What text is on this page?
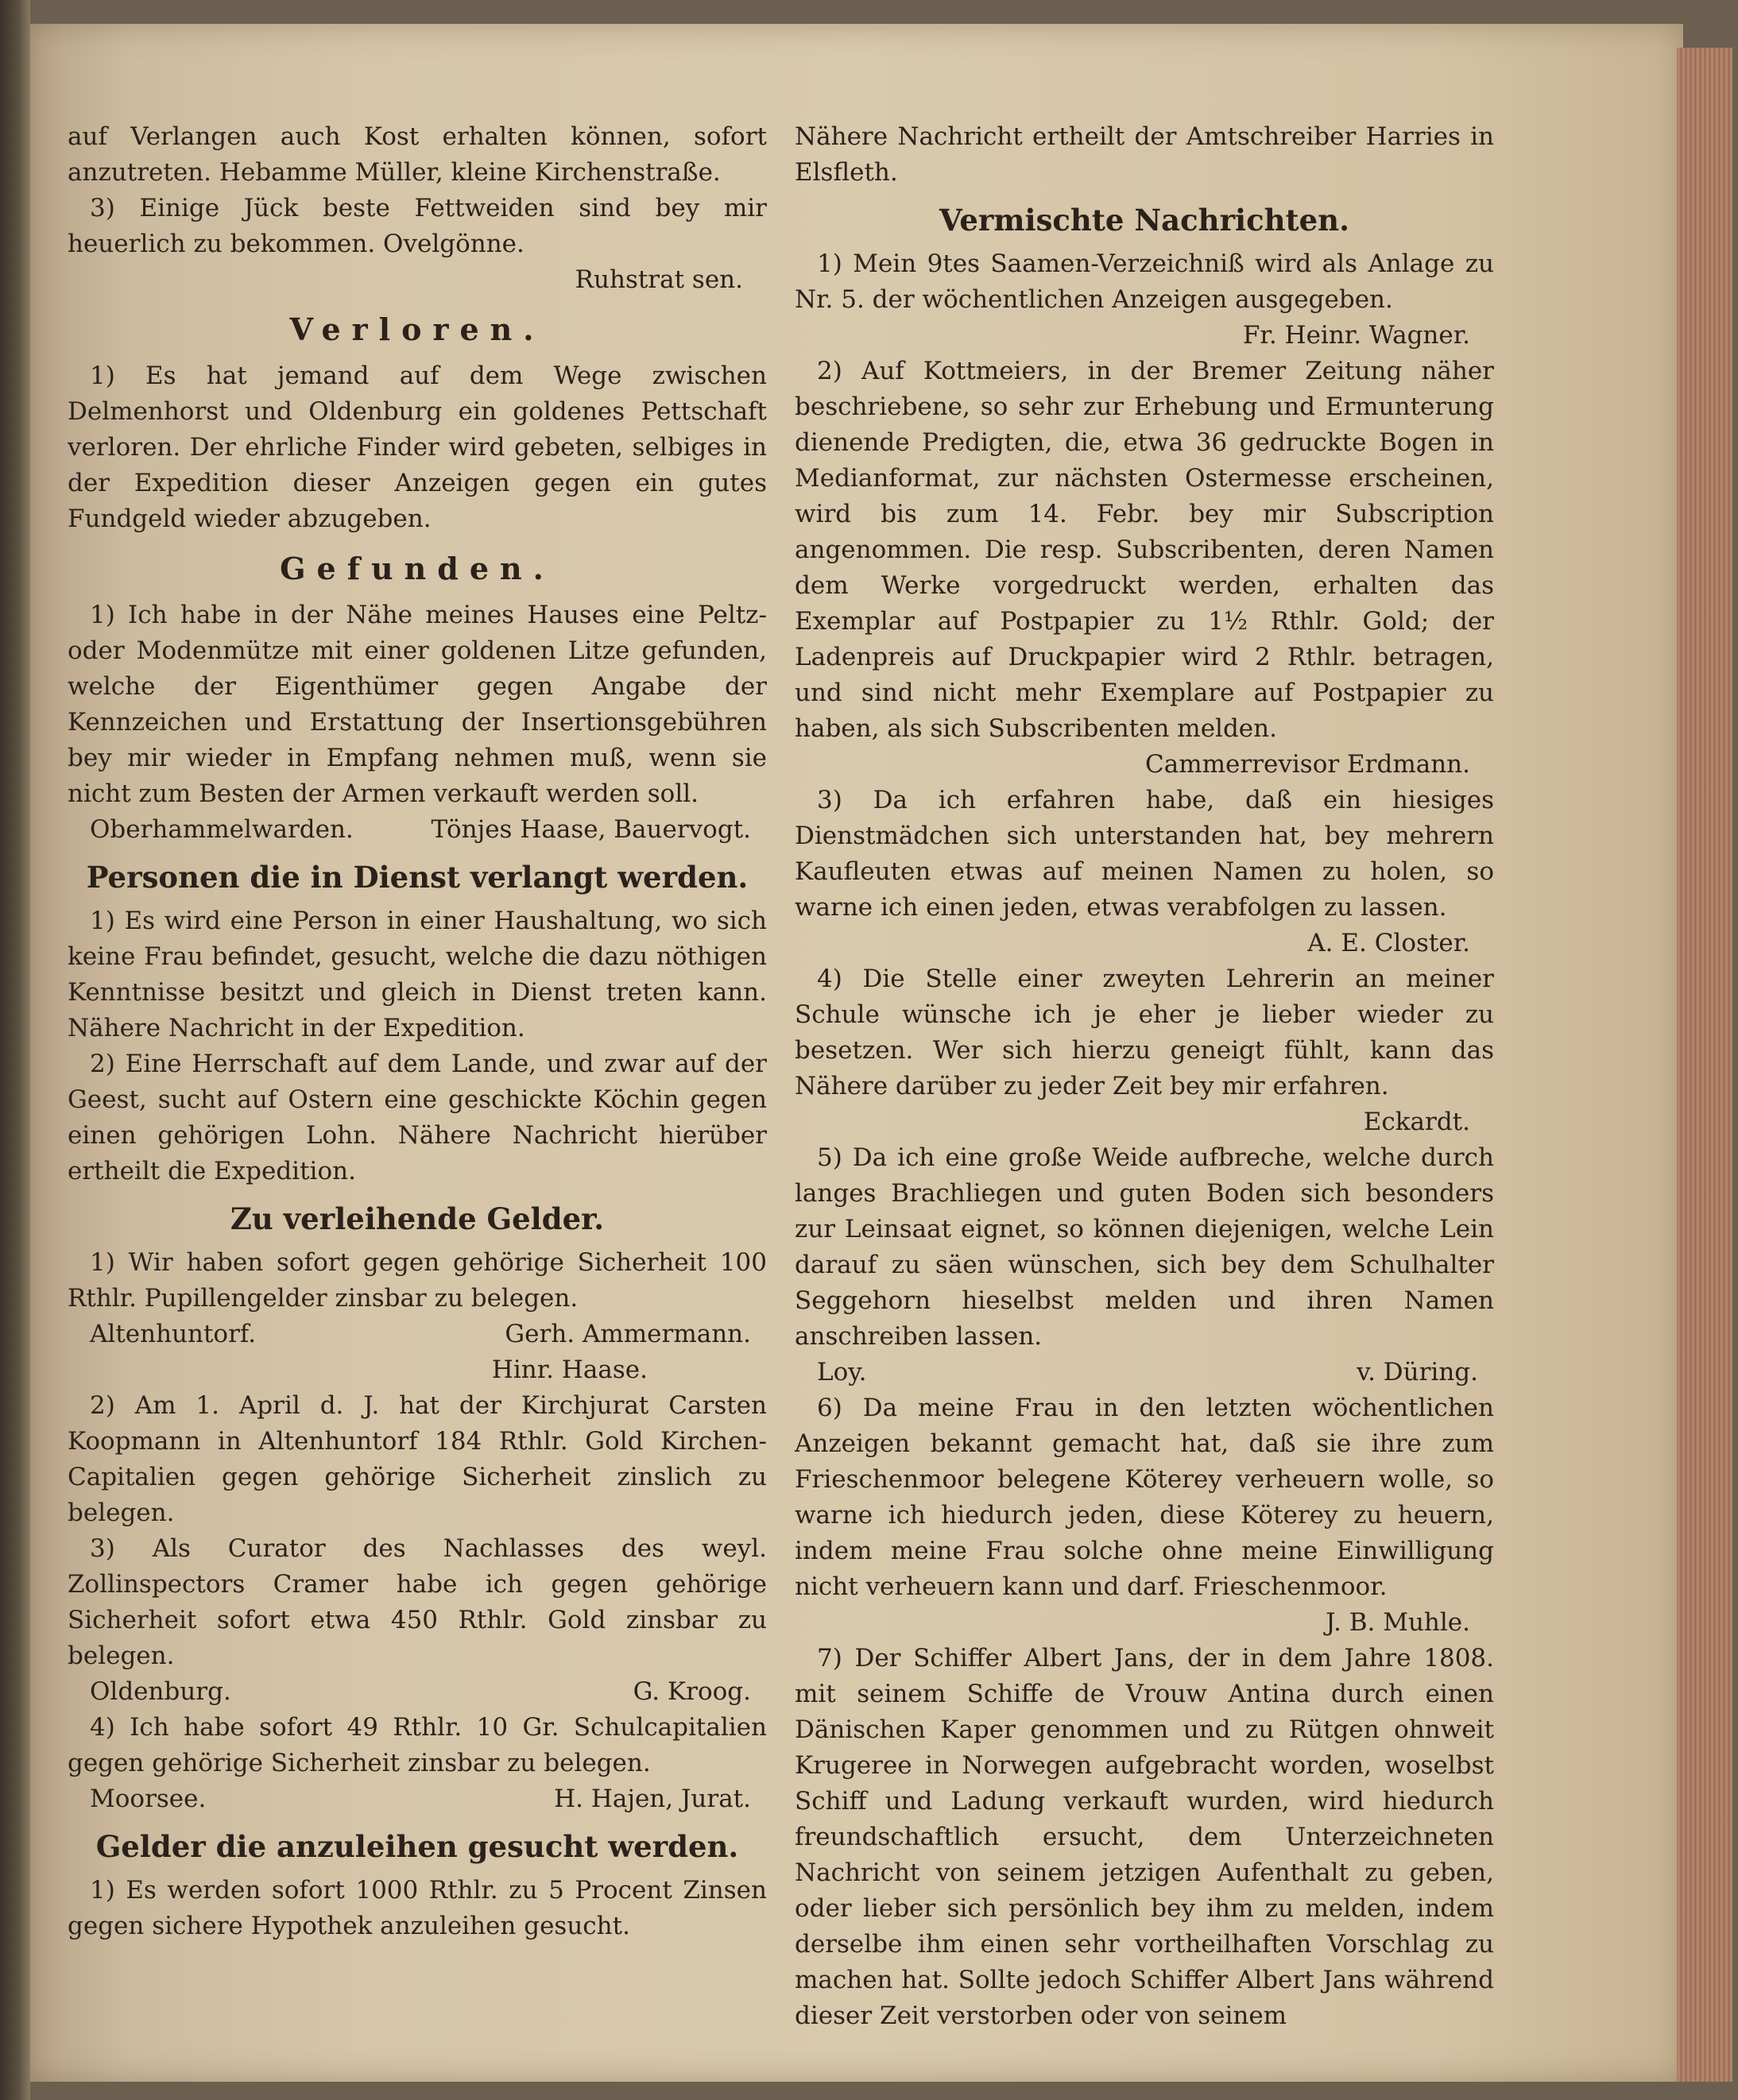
auf Verlangen auch Kost erhalten können, sofort anzutreten. Hebamme Müller, kleine Kirchenstraße.

3) Einige Jück beste Fettweiden sind bey mir heuerlich zu bekommen. Ovelgönne.

Ruhstrat sen.

Verloren.

1) Es hat jemand auf dem Wege zwischen Delmenhorst und Oldenburg ein goldenes Pettschaft verloren. Der ehrliche Finder wird gebeten, selbiges in der Expedition dieser Anzeigen gegen ein gutes Fundgeld wieder abzugeben.

Gefunden.

1) Ich habe in der Nähe meines Hauses eine Peltz- oder Modenmütze mit einer goldenen Litze gefunden, welche der Eigenthümer gegen Angabe der Kennzeichen und Erstattung der Insertionsgebühren bey mir wieder in Empfang nehmen muß, wenn sie nicht zum Besten der Armen verkauft werden soll.

Oberhammelwarden.	Tönjes Haase, Bauervogt.
Personen die in Dienst verlangt werden.

1) Es wird eine Person in einer Haushaltung, wo sich keine Frau befindet, gesucht, welche die dazu nöthigen Kenntnisse besitzt und gleich in Dienst treten kann. Nähere Nachricht in der Expedition.

2) Eine Herrschaft auf dem Lande, und zwar auf der Geest, sucht auf Ostern eine geschickte Köchin gegen einen gehörigen Lohn. Nähere Nachricht hierüber ertheilt die Expedition.

Zu verleihende Gelder.

1) Wir haben sofort gegen gehörige Sicherheit 100 Rthlr. Pupillengelder zinsbar zu belegen.

Altenhuntorf.	Gerh. Ammermann.

Hinr. Haase.

2) Am 1. April d. J. hat der Kirchjurat Carsten Koopmann in Altenhuntorf 184 Rthlr. Gold Kirchen-Capitalien gegen gehörige Sicherheit zinslich zu belegen.

3) Als Curator des Nachlasses des weyl. Zollinspectors Cramer habe ich gegen gehörige Sicherheit sofort etwa 450 Rthlr. Gold zinsbar zu belegen.

Oldenburg.	G. Kroog.

4) Ich habe sofort 49 Rthlr. 10 Gr. Schulcapitalien gegen gehörige Sicherheit zinsbar zu belegen.

Moorsee.	H. Hajen, Jurat.
Gelder die anzuleihen gesucht werden.

1) Es werden sofort 1000 Rthlr. zu 5 Procent Zinsen gegen sichere Hypothek anzuleihen gesucht.

Nähere Nachricht ertheilt der Amtschreiber Harries in Elsfleth.

Vermischte Nachrichten.

1) Mein 9tes Saamen-Verzeichniß wird als Anlage zu Nr. 5. der wöchentlichen Anzeigen ausgegeben.

Fr. Heinr. Wagner.

2) Auf Kottmeiers, in der Bremer Zeitung näher beschriebene, so sehr zur Erhebung und Ermunterung dienende Predigten, die, etwa 36 gedruckte Bogen in Medianformat, zur nächsten Ostermesse erscheinen, wird bis zum 14. Febr. bey mir Subscription angenommen. Die resp. Subscribenten, deren Namen dem Werke vorgedruckt werden, erhalten das Exemplar auf Postpapier zu 1½ Rthlr. Gold; der Ladenpreis auf Druckpapier wird 2 Rthlr. betragen, und sind nicht mehr Exemplare auf Postpapier zu haben, als sich Subscribenten melden.

Cammerrevisor Erdmann.

3) Da ich erfahren habe, daß ein hiesiges Dienstmädchen sich unterstanden hat, bey mehrern Kaufleuten etwas auf meinen Namen zu holen, so warne ich einen jeden, etwas verabfolgen zu lassen.

A. E. Closter.

4) Die Stelle einer zweyten Lehrerin an meiner Schule wünsche ich je eher je lieber wieder zu besetzen. Wer sich hierzu geneigt fühlt, kann das Nähere darüber zu jeder Zeit bey mir erfahren.

Eckardt.

5) Da ich eine große Weide aufbreche, welche durch langes Brachliegen und guten Boden sich besonders zur Leinsaat eignet, so können diejenigen, welche Lein darauf zu säen wünschen, sich bey dem Schulhalter Seggehorn hieselbst melden und ihren Namen anschreiben lassen.

Loy.	v. Düring.

6) Da meine Frau in den letzten wöchentlichen Anzeigen bekannt gemacht hat, daß sie ihre zum Frieschenmoor belegene Köterey verheuern wolle, so warne ich hiedurch jeden, diese Köterey zu heuern, indem meine Frau solche ohne meine Einwilligung nicht verheuern kann und darf. Frieschenmoor.

J. B. Muhle.

7) Der Schiffer Albert Jans, der in dem Jahre 1808. mit seinem Schiffe de Vrouw Antina durch einen Dänischen Kaper genommen und zu Rütgen ohnweit Krugeree in Norwegen aufgebracht worden, woselbst Schiff und Ladung verkauft wurden, wird hiedurch freundschaftlich ersucht, dem Unterzeichneten Nachricht von seinem jetzigen Aufenthalt zu geben, oder lieber sich persönlich bey ihm zu melden, indem derselbe ihm einen sehr vortheilhaften Vorschlag zu machen hat. Sollte jedoch Schiffer Albert Jans während dieser Zeit verstorben oder von seinem
